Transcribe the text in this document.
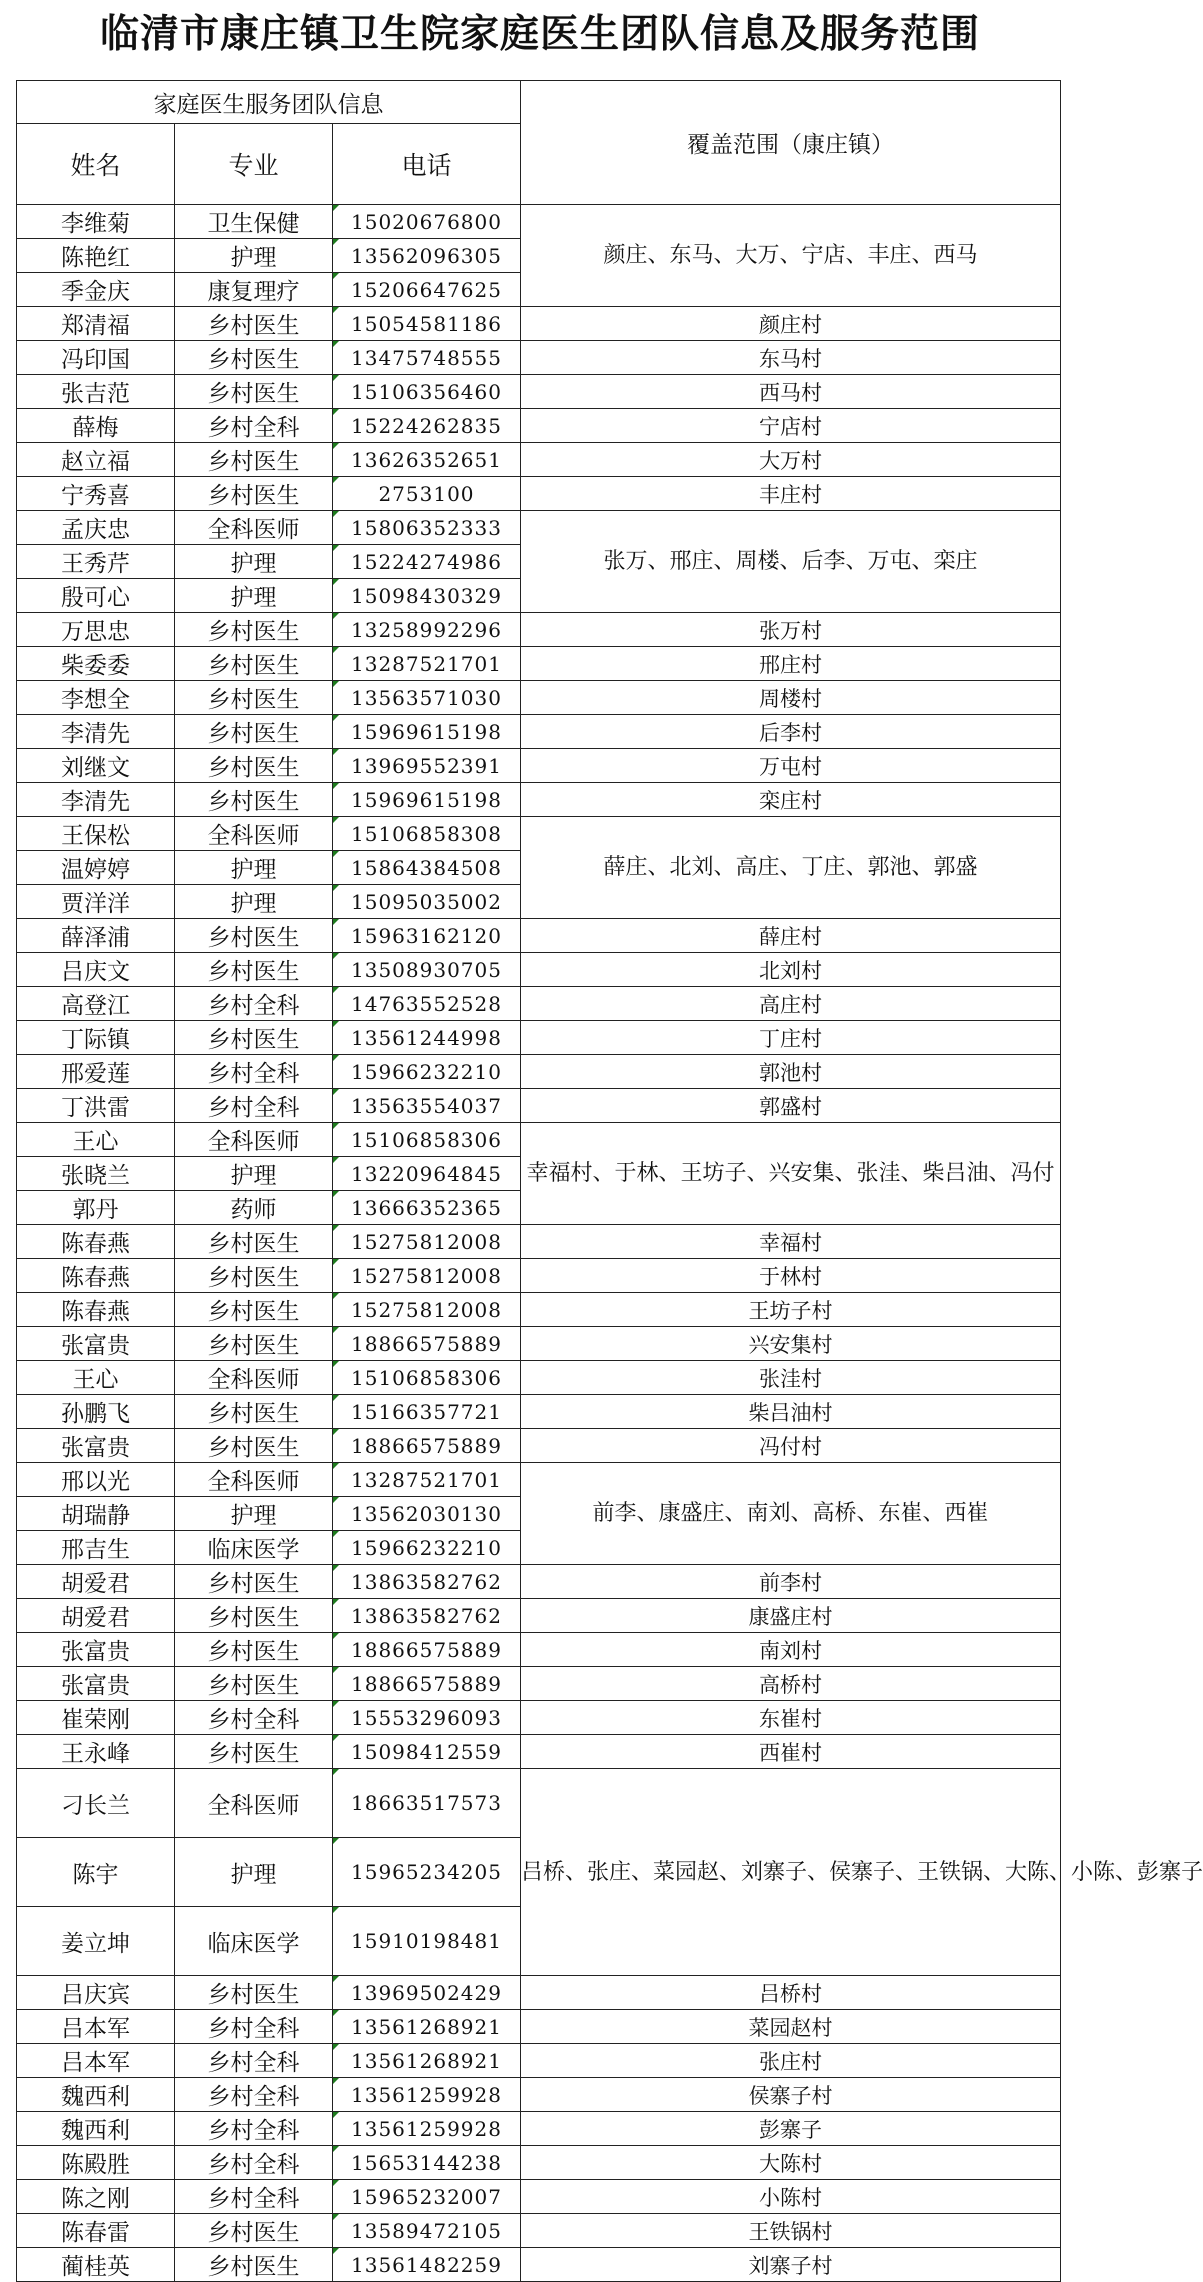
临清市康庄镇卫生院家庭医生团队信息及服务范围
家庭医生服务团队信息			覆盖范围（康庄镇）
姓名	专业	电话	
李维菊	卫生保健	15020676800	颜庄、东马、大万、宁店、丰庄、西马
陈艳红	护理	13562096305	
季金庆	康复理疗	15206647625	
郑清福	乡村医生	15054581186	颜庄村
冯印国	乡村医生	13475748555	东马村
张吉范	乡村医生	15106356460	西马村
薛梅	乡村全科	15224262835	宁店村
赵立福	乡村医生	13626352651	大万村
宁秀喜	乡村医生	2753100	丰庄村
孟庆忠	全科医师	15806352333	张万、邢庄、周楼、后李、万屯、栾庄
王秀芹	护理	15224274986	
殷可心	护理	15098430329	
万思忠	乡村医生	13258992296	张万村
柴委委	乡村医生	13287521701	邢庄村
李想全	乡村医生	13563571030	周楼村
李清先	乡村医生	15969615198	后李村
刘继文	乡村医生	13969552391	万屯村
李清先	乡村医生	15969615198	栾庄村
王保松	全科医师	15106858308	薛庄、北刘、高庄、丁庄、郭池、郭盛
温婷婷	护理	15864384508	
贾洋洋	护理	15095035002	
薛泽浦	乡村医生	15963162120	薛庄村
吕庆文	乡村医生	13508930705	北刘村
高登江	乡村全科	14763552528	高庄村
丁际镇	乡村医生	13561244998	丁庄村
邢爱莲	乡村全科	15966232210	郭池村
丁洪雷	乡村全科	13563554037	郭盛村
王心	全科医师	15106858306	幸福村、于林、王坊子、兴安集、张洼、柴吕油、冯付
张晓兰	护理	13220964845	
郭丹	药师	13666352365	
陈春燕	乡村医生	15275812008	幸福村
陈春燕	乡村医生	15275812008	于林村
陈春燕	乡村医生	15275812008	王坊子村
张富贵	乡村医生	18866575889	兴安集村
王心	全科医师	15106858306	张洼村
孙鹏飞	乡村医生	15166357721	柴吕油村
张富贵	乡村医生	18866575889	冯付村
邢以光	全科医师	13287521701	前李、康盛庄、南刘、高桥、东崔、西崔
胡瑞静	护理	13562030130	
邢吉生	临床医学	15966232210	
胡爱君	乡村医生	13863582762	前李村
胡爱君	乡村医生	13863582762	康盛庄村
张富贵	乡村医生	18866575889	南刘村
张富贵	乡村医生	18866575889	高桥村
崔荣刚	乡村全科	15553296093	东崔村
王永峰	乡村医生	15098412559	西崔村
刁长兰	全科医师	18663517573	吕桥、张庄、菜园赵、刘寨子、侯寨子、王铁锅、大陈、小陈、彭寨子
陈宇	护理	15965234205	
姜立坤	临床医学	15910198481	
吕庆宾	乡村医生	13969502429	吕桥村
吕本军	乡村全科	13561268921	菜园赵村
吕本军	乡村全科	13561268921	张庄村
魏西利	乡村全科	13561259928	侯寨子村
魏西利	乡村全科	13561259928	彭寨子
陈殿胜	乡村全科	15653144238	大陈村
陈之刚	乡村全科	15965232007	小陈村
陈春雷	乡村医生	13589472105	王铁锅村
蔺桂英	乡村医生	13561482259	刘寨子村
